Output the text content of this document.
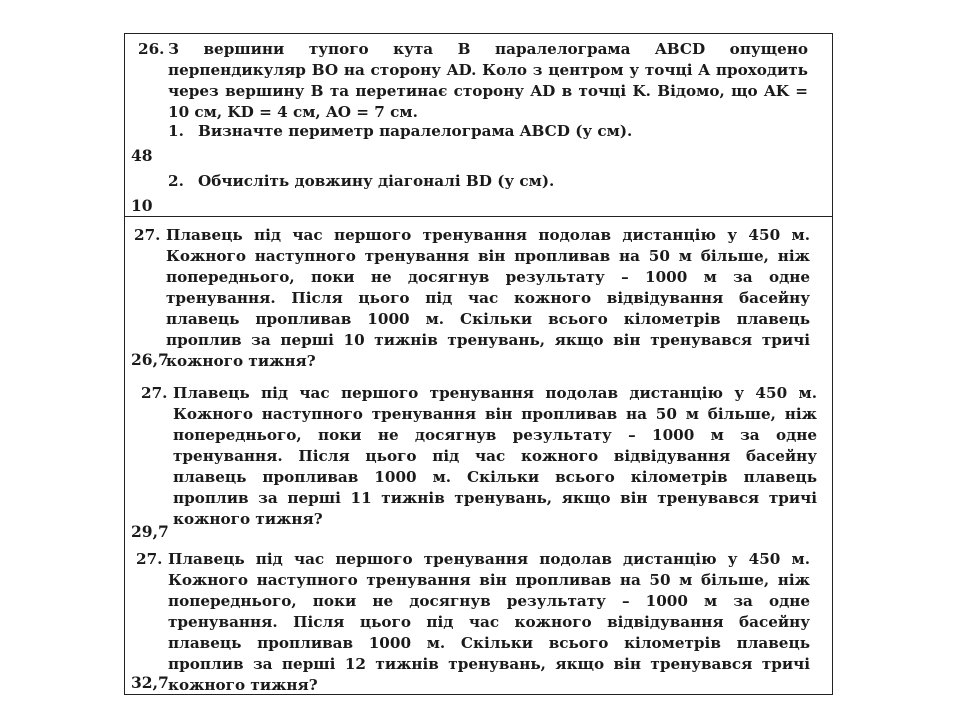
26. З вершини тупого кута B паралелограма ABCD опущено перпендикуляр BO на сторону AD. Коло з центром у точці A проходить через вершину B та перетинає сторону AD в точці K. Відомо, що AK = 10 см, KD = 4 см, AO = 7 см.
1. Визначте периметр паралелограма ABCD (у см).
48
2. Обчисліть довжину діагоналі BD (у см).
10
27. Плавець під час першого тренування подолав дистанцію у 450 м. Кожного наступного тренування він пропливав на 50 м більше, ніж попереднього, поки не досягнув результату – 1000 м за одне тренування. Після цього під час кожного відвідування басейну плавець пропливав 1000 м. Скільки всього кілометрів плавець проплив за перші 10 тижнів тренувань, якщо він тренувався тричі кожного тижня?
26,7
27. Плавець під час першого тренування подолав дистанцію у 450 м. Кожного наступного тренування він пропливав на 50 м більше, ніж попереднього, поки не досягнув результату – 1000 м за одне тренування. Після цього під час кожного відвідування басейну плавець пропливав 1000 м. Скільки всього кілометрів плавець проплив за перші 11 тижнів тренувань, якщо він тренувався тричі кожного тижня?
29,7
27. Плавець під час першого тренування подолав дистанцію у 450 м. Кожного наступного тренування він пропливав на 50 м більше, ніж попереднього, поки не досягнув результату – 1000 м за одне тренування. Після цього під час кожного відвідування басейну плавець пропливав 1000 м. Скільки всього кілометрів плавець проплив за перші 12 тижнів тренувань, якщо він тренувався тричі кожного тижня?
32,7
